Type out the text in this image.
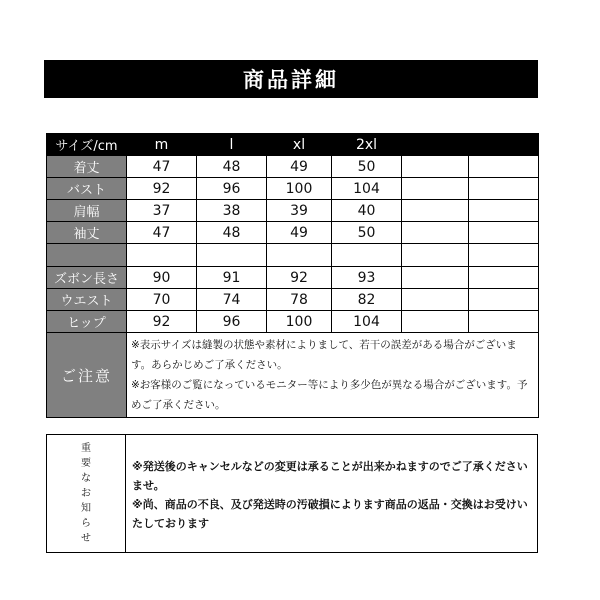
商品詳細
サイズ/cm	m	l	xl	2xl		
着丈	47	48	49	50		
バスト	92	96	100	104		
肩幅	37	38	39	40		
袖丈	47	48	49	50		

ズボン長さ	90	91	92	93		
ウエスト	70	74	78	82		
ヒップ	92	96	100	104		
ご注意	※表示サイズは縫製の状態や素材によりまして、若干の誤差がある場合がございます。あらかじめご了承ください。
※お客様のご覧になっているモニター等により多少色が異なる場合がございます。予めご了承ください。					
重
要
な
お
知
ら
せ

※発送後のキャンセルなどの変更は承ることが出来かねますのでご了承くださいませ。

※尚、商品の不良、及び発送時の汚破損によります商品の返品・交換はお受けいたしております
